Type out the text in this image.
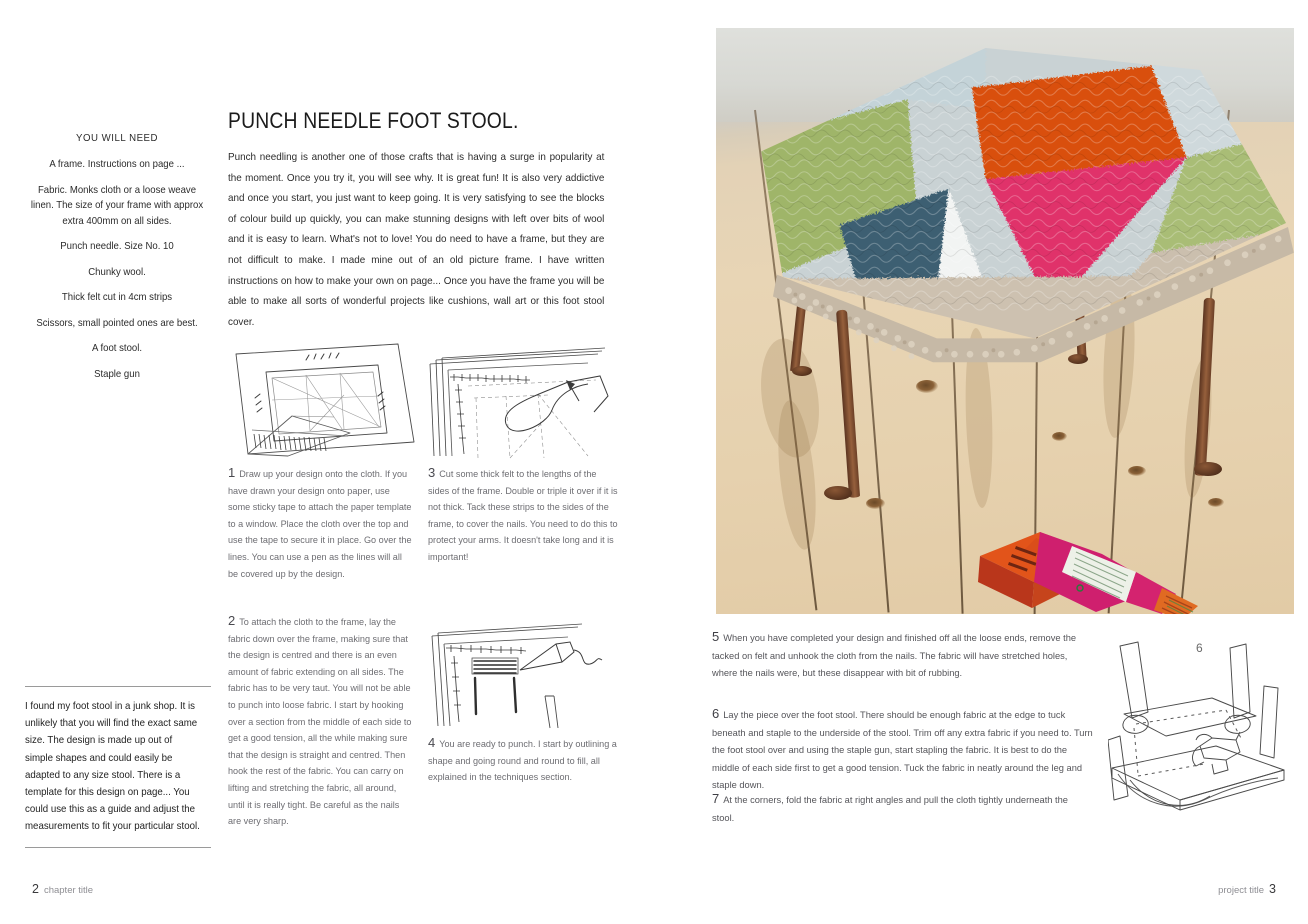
YOU WILL NEED
A frame. Instructions on page ...
Fabric. Monks cloth or a loose weave linen. The size of your frame with approx extra 400mm on all sides.
Punch needle. Size No. 10
Chunky wool.
Thick felt cut in 4cm strips
Scissors, small pointed ones are best.
A foot stool.
Staple gun
PUNCH NEEDLE FOOT STOOL.
Punch needling is another one of those crafts that is having a surge in popularity at the moment. Once you try it, you will see why. It is great fun! It is also very addictive and once you start, you just want to keep going. It is very satisfying to see the blocks of colour build up quickly, you can make stunning designs with left over bits of wool and it is easy to learn. What's not to love! You do need to have a frame, but they are not difficult to make. I made mine out of an old picture frame. I have written instructions on how to make your own on page... Once you have the frame you will be able to make all sorts of wonderful projects like cushions, wall art or this foot stool cover.
1 Draw up your design onto the cloth. If you have drawn your design onto paper, use some sticky tape to attach the paper template to a window. Place the cloth over the top and use the tape to secure it in place. Go over the lines. You can use a pen as the lines will all be covered up by the design.
3 Cut some thick felt to the lengths of the sides of the frame. Double or triple it over if it is not thick. Tack these strips to the sides of the frame, to cover the nails. You need to do this to protect your arms. It doesn't take long and it is important!
2 To attach the cloth to the frame, lay the fabric down over the frame, making sure that the design is centred and there is an even amount of fabric extending on all sides. The fabric has to be very taut. You will not be able to punch into loose fabric. I start by hooking over a section from the middle of each side to get a good tension, all the while making sure that the design is straight and centred. Then hook the rest of the fabric. You can carry on lifting and stretching the fabric, all around, until it is really tight. Be careful as the nails are very sharp.
4 You are ready to punch. I start by outlining a shape and going round and round to fill, all explained in the techniques section.
I found my foot stool in a junk shop. It is unlikely that you will find the exact same size. The design is made up out of simple shapes and could easily be adapted to any size stool. There is a template for this design on page... You could use this as a guide and adjust the measurements to fit your particular stool.
2 chapter title
5 When you have completed your design and finished off all the loose ends, remove the tacked on felt and unhook the cloth from the nails. The fabric will have stretched holes, where the nails were, but these disappear with bit of rubbing.
6 Lay the piece over the foot stool. There should be enough fabric at the edge to tuck beneath and staple to the underside of the stool. Trim off any extra fabric if you need to. Turn the foot stool over and using the staple gun, start stapling the fabric. It is best to do the middle of each side first to get a good tension. Tuck the fabric in neatly around the leg and staple down.
7 At the corners, fold the fabric at right angles and pull the cloth tightly underneath the stool.
project title 3
6
